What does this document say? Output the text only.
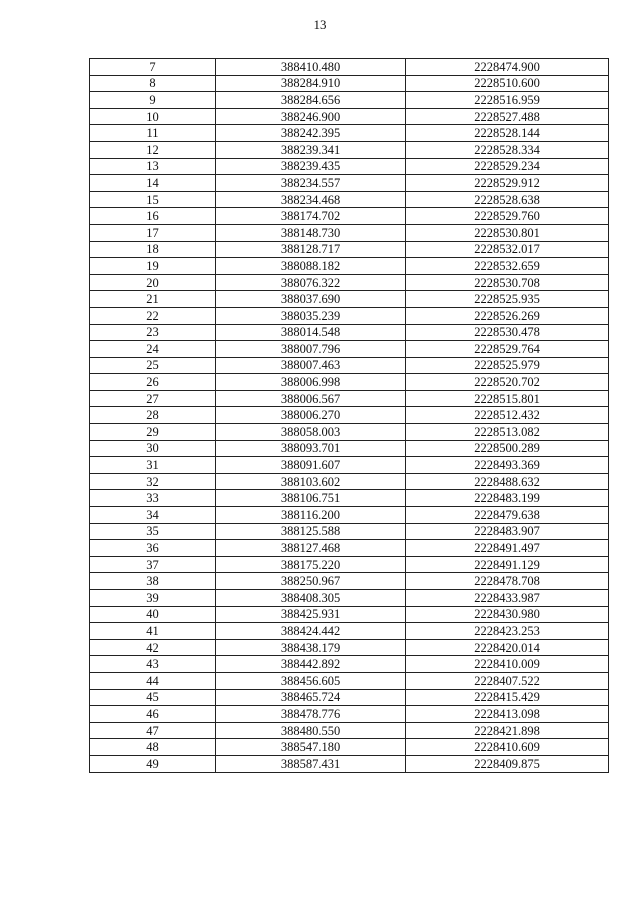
13
7	388410.480	2228474.900
8	388284.910	2228510.600
9	388284.656	2228516.959
10	388246.900	2228527.488
11	388242.395	2228528.144
12	388239.341	2228528.334
13	388239.435	2228529.234
14	388234.557	2228529.912
15	388234.468	2228528.638
16	388174.702	2228529.760
17	388148.730	2228530.801
18	388128.717	2228532.017
19	388088.182	2228532.659
20	388076.322	2228530.708
21	388037.690	2228525.935
22	388035.239	2228526.269
23	388014.548	2228530.478
24	388007.796	2228529.764
25	388007.463	2228525.979
26	388006.998	2228520.702
27	388006.567	2228515.801
28	388006.270	2228512.432
29	388058.003	2228513.082
30	388093.701	2228500.289
31	388091.607	2228493.369
32	388103.602	2228488.632
33	388106.751	2228483.199
34	388116.200	2228479.638
35	388125.588	2228483.907
36	388127.468	2228491.497
37	388175.220	2228491.129
38	388250.967	2228478.708
39	388408.305	2228433.987
40	388425.931	2228430.980
41	388424.442	2228423.253
42	388438.179	2228420.014
43	388442.892	2228410.009
44	388456.605	2228407.522
45	388465.724	2228415.429
46	388478.776	2228413.098
47	388480.550	2228421.898
48	388547.180	2228410.609
49	388587.431	2228409.875
